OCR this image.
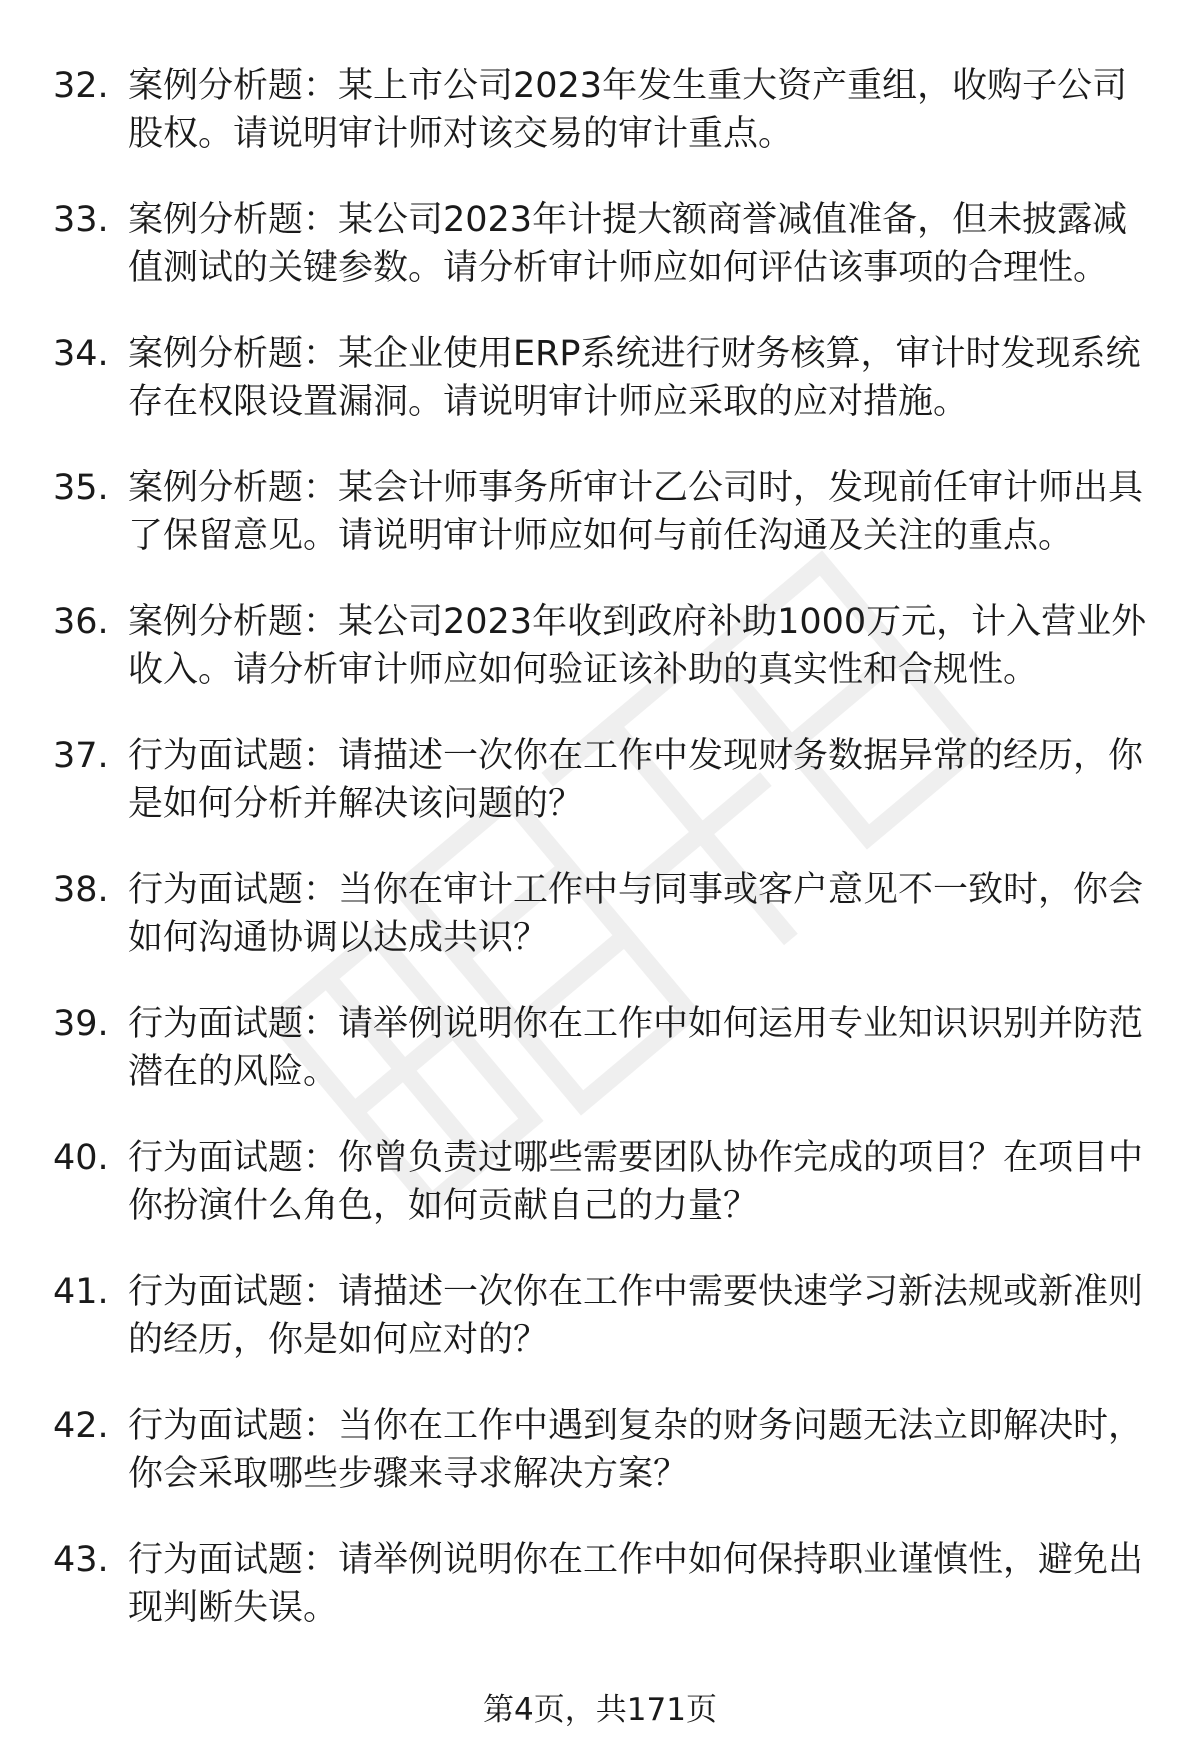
32. 案例分析题：某上市公司2023年发生重大资产重组，收购子公司股权。请说明审计师对该交易的审计重点。
33. 案例分析题：某公司2023年计提大额商誉减值准备，但未披露减值测试的关键参数。请分析审计师应如何评估该事项的合理性。
34. 案例分析题：某企业使用ERP系统进行财务核算，审计时发现系统存在权限设置漏洞。请说明审计师应采取的应对措施。
35. 案例分析题：某会计师事务所审计乙公司时，发现前任审计师出具了保留意见。请说明审计师应如何与前任沟通及关注的重点。
36. 案例分析题：某公司2023年收到政府补助1000万元，计入营业外收入。请分析审计师应如何验证该补助的真实性和合规性。
37. 行为面试题：请描述一次你在工作中发现财务数据异常的经历，你是如何分析并解决该问题的？
38. 行为面试题：当你在审计工作中与同事或客户意见不一致时，你会如何沟通协调以达成共识？
39. 行为面试题：请举例说明你在工作中如何运用专业知识识别并防范潜在的风险。
40. 行为面试题：你曾负责过哪些需要团队协作完成的项目？在项目中你扮演什么角色，如何贡献自己的力量？
41. 行为面试题：请描述一次你在工作中需要快速学习新法规或新准则的经历，你是如何应对的？
42. 行为面试题：当你在工作中遇到复杂的财务问题无法立即解决时，你会采取哪些步骤来寻求解决方案？
43. 行为面试题：请举例说明你在工作中如何保持职业谨慎性，避免出现判断失误。
第4页，共171页
